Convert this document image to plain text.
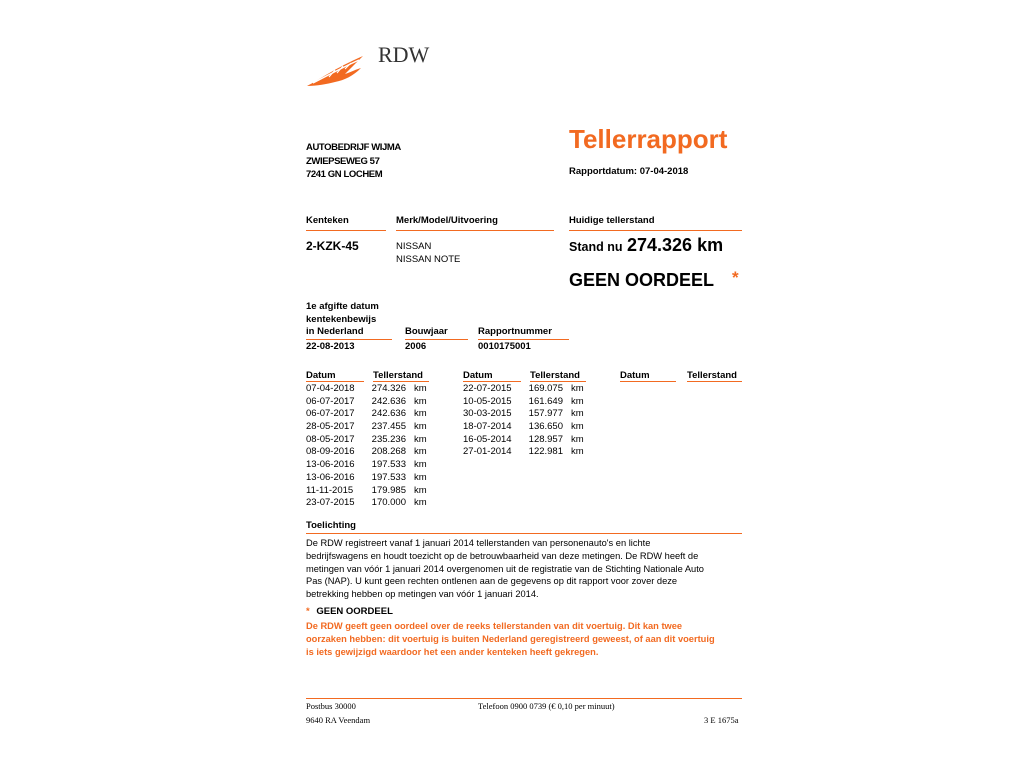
RDW
AUTOBEDRIJF WIJMA
ZWIEPSEWEG 57
7241 GN LOCHEM
Tellerrapport
Rapportdatum: 07-04-2018
Kenteken	Merk/Model/Uitvoering	Huidige tellerstand
2-KZK-45	NISSAN
NISSAN NOTE
Stand nu 274.326 km
GEEN OORDEEL *
1e afgifte datum
kentekenbewijs
in Nederland
22-08-2013
Bouwjaar
2006
Rapportnummer
0010175001
Datum	Tellerstand	Datum	Tellerstand	Datum	Tellerstand
07-04-2018	274.326 km
06-07-2017	242.636 km
06-07-2017	242.636 km
28-05-2017	237.455 km
08-05-2017	235.236 km
08-09-2016	208.268 km
13-06-2016	197.533 km
13-06-2016	197.533 km
11-11-2015	179.985 km
23-07-2015	170.000 km
22-07-2015	169.075 km
10-05-2015	161.649 km
30-03-2015	157.977 km
18-07-2014	136.650 km
16-05-2014	128.957 km
27-01-2014	122.981 km
Toelichting
De RDW registreert vanaf 1 januari 2014 tellerstanden van personenauto's en lichte
bedrijfswagens en houdt toezicht op de betrouwbaarheid van deze metingen. De RDW heeft de
metingen van vóór 1 januari 2014 overgenomen uit de registratie van de Stichting Nationale Auto
Pas (NAP). U kunt geen rechten ontlenen aan de gegevens op dit rapport voor zover deze
betrekking hebben op metingen van vóór 1 januari 2014.
* GEEN OORDEEL
De RDW geeft geen oordeel over de reeks tellerstanden van dit voertuig. Dit kan twee
oorzaken hebben: dit voertuig is buiten Nederland geregistreerd geweest, of aan dit voertuig
is iets gewijzigd waardoor het een ander kenteken heeft gekregen.
Postbus 30000
9640 RA Veendam
Telefoon 0900 0739 (€ 0,10 per minuut)
3 E 1675a
